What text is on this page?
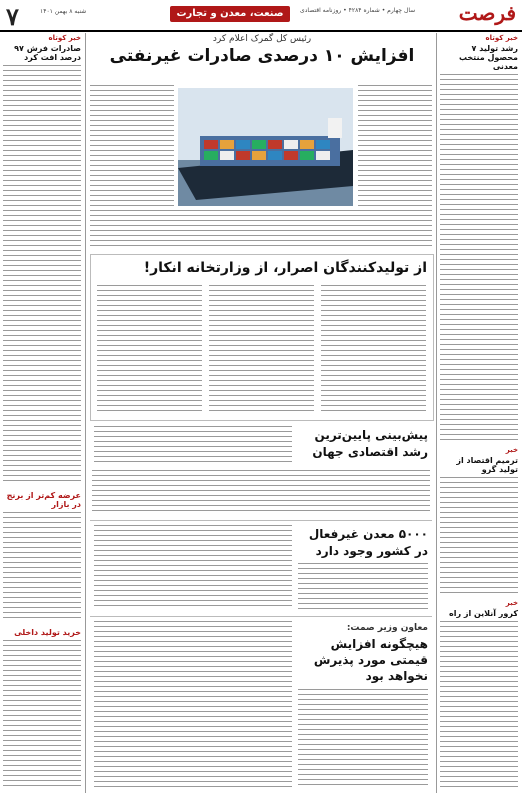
۷	شنبه ۸ بهمن ۱۴۰۱	صنعت، معدن و تجارت	سال چهارم • شماره ۴۲۸۴ • روزنامه اقتصادی فرصت
خبر کوتاه
رشد تولید ۷ محصول منتخب معدنی
خبر
ترمیم اقتصاد از تولید گرو
خبر
کرور آنلاین از راه
خبر کوتاه
صادرات فرش ۹۷ درصد افت کرد
عرضه کم‌تر از برنج در بازار
خرید تولید داخلی
رئیس کل گمرک اعلام کرد
افزایش ۱۰ درصدی صادرات غیرنفتی
از تولیدکنندگان اصرار، از وزارتخانه انکار!
پیش‌بینی پایین‌ترین
رشد اقتصادی جهان
۵۰۰۰ معدن غیرفعال
در کشور وجود دارد
معاون وزیر صمت:
هیچگونه افزایش
قیمتی مورد پذیرش
نخواهد بود
